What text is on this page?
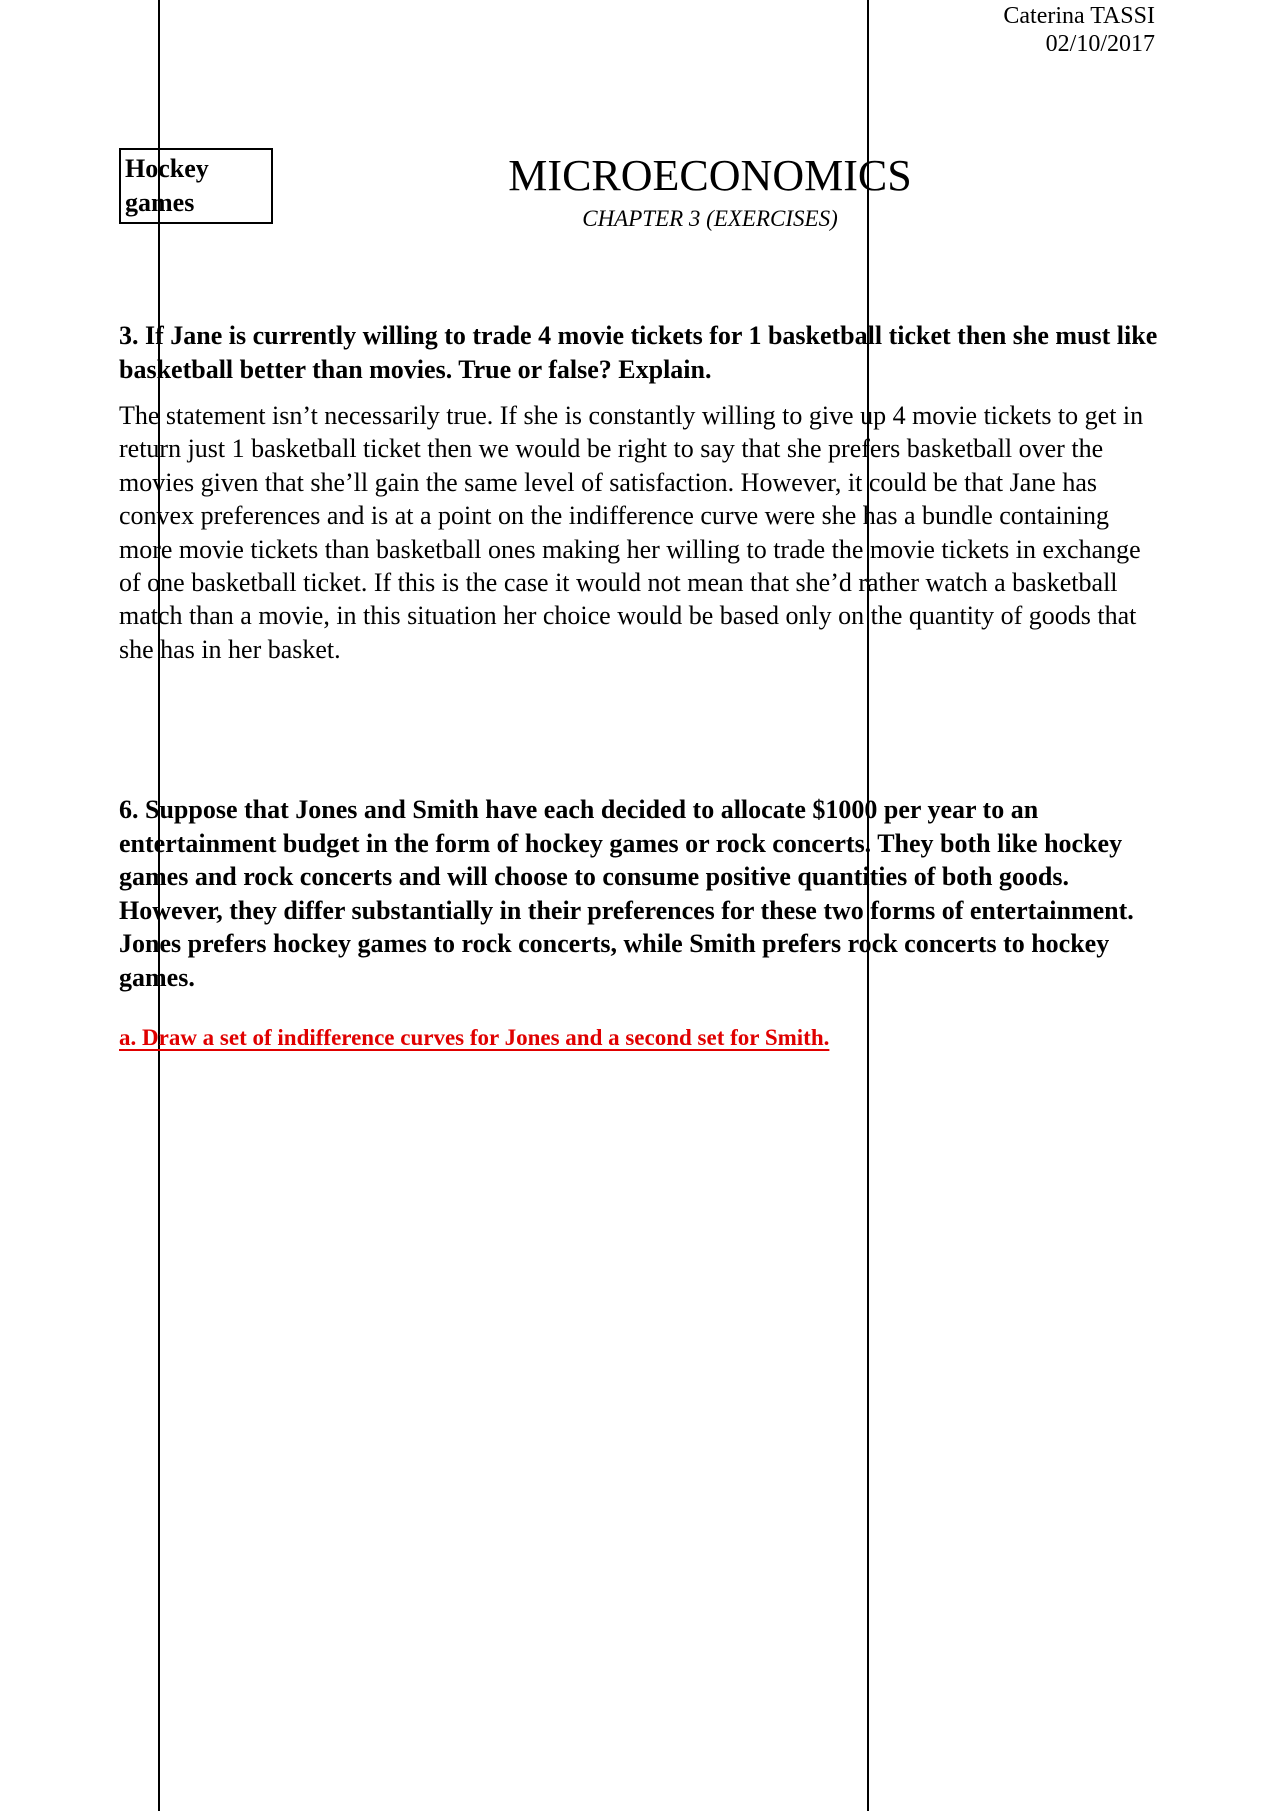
Caterina TASSI
02/10/2017
Hockey
games
MICROECONOMICS
CHAPTER 3 (EXERCISES)

3. If Jane is currently willing to trade 4 movie tickets for 1 basketball ticket then she must like basketball better than movies. True or false? Explain.

The statement isn’t necessarily true. If she is constantly willing to give up 4 movie tickets to get in return just 1 basketball ticket then we would be right to say that she prefers basketball over the movies given that she’ll gain the same level of satisfaction. However, it could be that Jane has convex preferences and is at a point on the indifference curve were she has a bundle containing more movie tickets than basketball ones making her willing to trade the movie tickets in exchange of one basketball ticket. If this is the case it would not mean that she’d rather watch a basketball match than a movie, in this situation her choice would be based only on the quantity of goods that she has in her basket.

6. Suppose that Jones and Smith have each decided to allocate $1000 per year to an entertainment budget in the form of hockey games or rock concerts. They both like hockey games and rock concerts and will choose to consume positive quantities of both goods. However, they differ substantially in their preferences for these two forms of entertainment. Jones prefers hockey games to rock concerts, while Smith prefers rock concerts to hockey games.

a. Draw a set of indifference curves for Jones and a second set for Smith.
